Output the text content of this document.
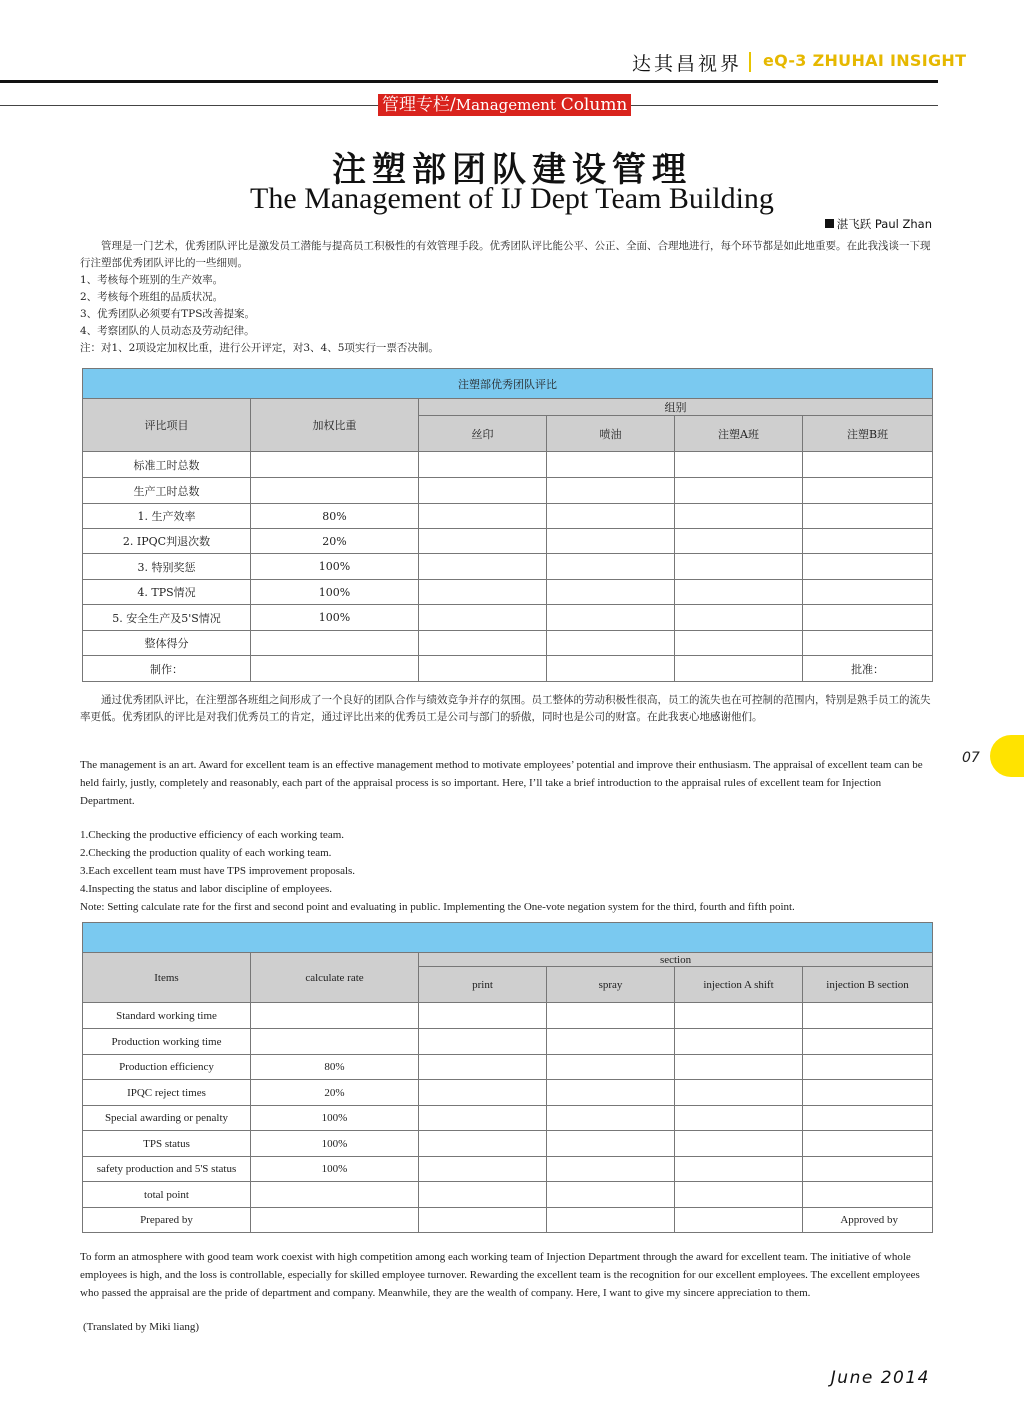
达其昌视界 eQ-3 ZHUHAI INSIGHT
管理专栏/Management Column
注塑部团队建设管理
The Management of IJ Dept Team Building
湛飞跃 Paul Zhan

管理是一门艺术，优秀团队评比是激发员工潜能与提高员工积极性的有效管理手段。优秀团队评比能公平、公正、全面、合理地进行，每个环节都是如此地重要。在此我浅谈一下现行注塑部优秀团队评比的一些细则。

1、考核每个班别的生产效率。

2、考核每个班组的品质状况。

3、优秀团队必须要有TPS改善提案。

4、考察团队的人员动态及劳动纪律。

注：对1、2项设定加权比重，进行公开评定，对3、4、5项实行一票否决制。

注塑部优秀团队评比					
评比项目	加权比重	组别			
		丝印	喷油	注塑A班	注塑B班
标准工时总数					
生产工时总数					
1. 生产效率	80%				
2. IPQC判退次数	20%				
3. 特别奖惩	100%				
4. TPS情况	100%				
5. 安全生产及5'S情况	100%				
整体得分					
制作：					批准：

通过优秀团队评比，在注塑部各班组之间形成了一个良好的团队合作与绩效竞争并存的氛围。员工整体的劳动积极性很高，员工的流失也在可控制的范围内，特别是熟手员工的流失率更低。优秀团队的评比是对我们优秀员工的肯定，通过评比出来的优秀员工是公司与部门的骄傲，同时也是公司的财富。在此我衷心地感谢他们。

The management is an art. Award for excellent team is an effective management method to motivate employees’ potential and improve their enthusiasm. The appraisal of excellent team can be held fairly, justly, completely and reasonably, each part of the appraisal process is so important. Here, I’ll take a brief introduction to the appraisal rules of excellent team for Injection Department.

1.Checking the productive efficiency of each working team.

2.Checking the production quality of each working team.

3.Each excellent team must have TPS improvement proposals.

4.Inspecting the status and labor discipline of employees.

Note: Setting calculate rate for the first and second point and evaluating in public. Implementing the One-vote negation system for the third, fourth and fifth point.

Items	calculate rate	section			
		print	spray	injection A shift	injection B section
Standard working time					
Production working time					
Production efficiency	80%				
IPQC reject times	20%				
Special awarding or penalty	100%				
TPS status	100%				
safety production and 5'S status	100%				
total point					
Prepared by					Approved by

To form an atmosphere with good team work coexist with high competition among each working team of Injection Department through the award for excellent team. The initiative of whole employees is high, and the loss is controllable, especially for skilled employee turnover. Rewarding the excellent team is the recognition for our excellent employees. The excellent employees who passed the appraisal are the pride of department and company. Meanwhile, they are the wealth of company. Here, I want to give my sincere appreciation to them.

(Translated by Miki liang)

07
June 2014
